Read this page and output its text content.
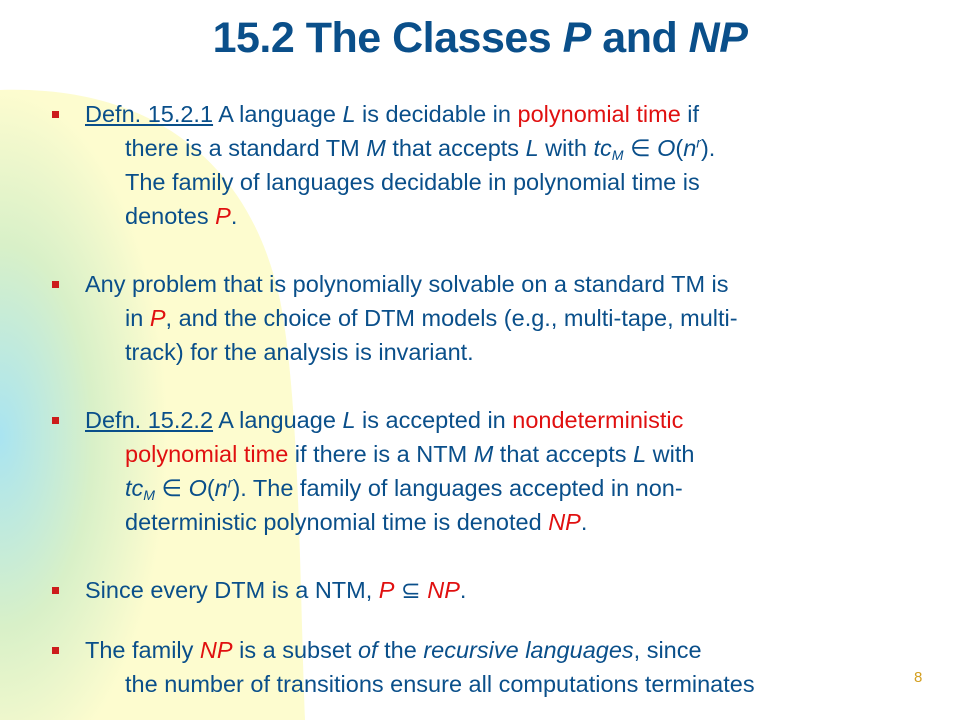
15.2 The Classes P and NP
Defn. 15.2.1 A language L is decidable in polynomial time if
there is a standard TM M that accepts L with $tc_M$ ∈ $O(n^r)$.
The family of languages decidable in polynomial time is
denotes P.
Any problem that is polynomially solvable on a standard TM is
in P, and the choice of DTM models (e.g., multi-tape, multi-
track) for the analysis is invariant.
Defn. 15.2.2 A language L is accepted in nondeterministic
polynomial time if there is a NTM M that accepts L with
$tc_M$ ∈ $O(n^r)$. The family of languages accepted in non-
deterministic polynomial time is denoted NP.
Since every DTM is a NTM, P ⊆ NP.
The family NP is a subset of the recursive languages, since
the number of transitions ensure all computations terminates	8
